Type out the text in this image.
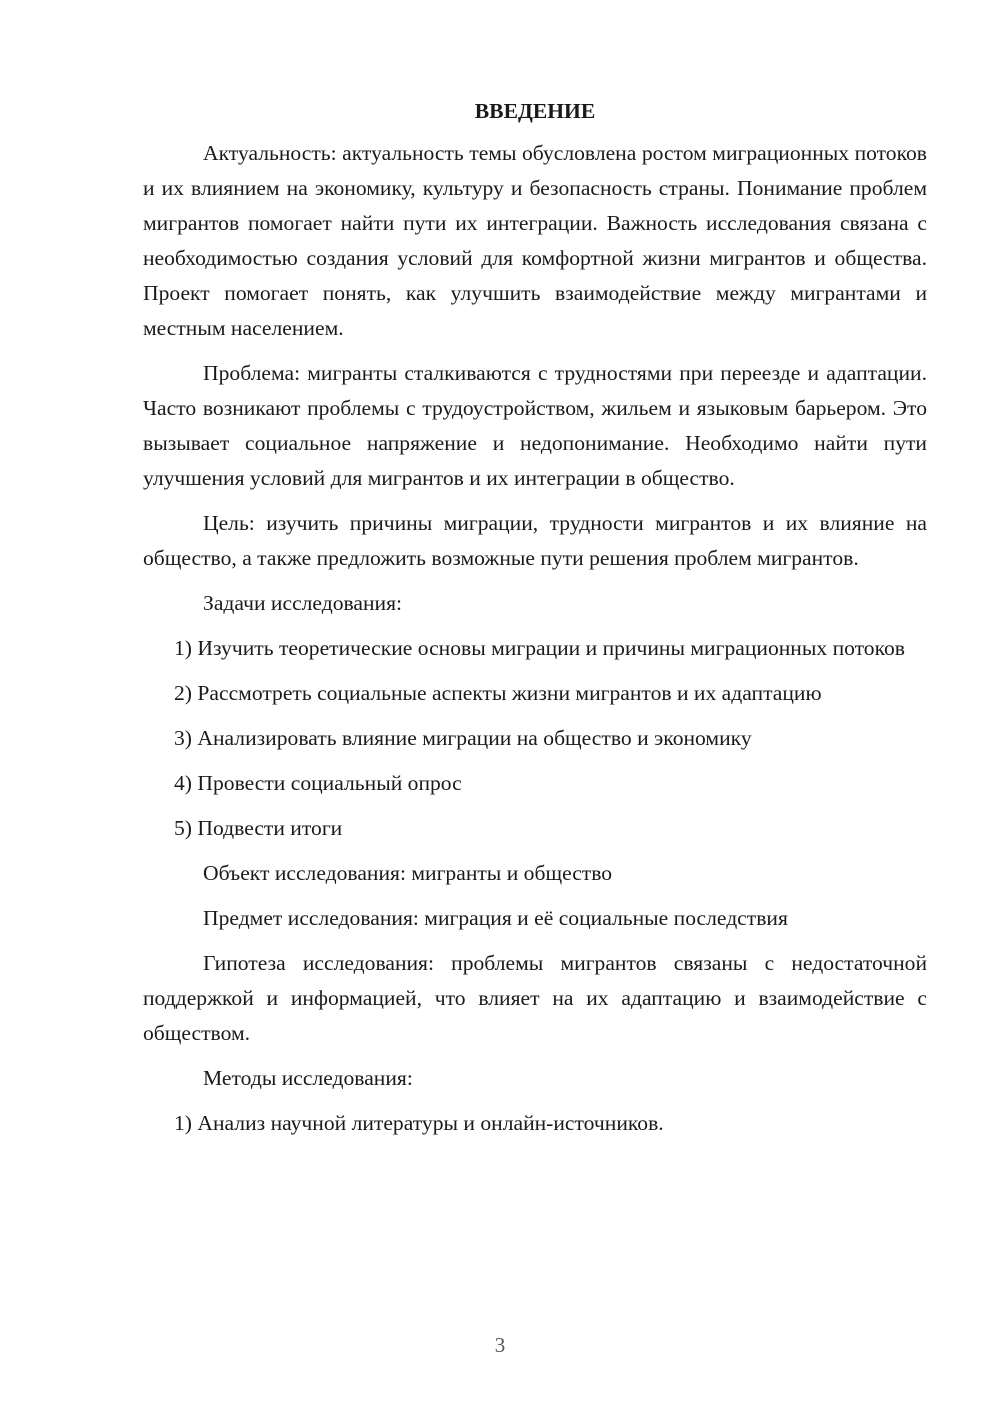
ВВЕДЕНИЕ

Актуальность: актуальность темы обусловлена ростом миграционных потоков и их влиянием на экономику, культуру и безопасность страны. Понимание проблем мигрантов помогает найти пути их интеграции. Важность исследования связана с необходимостью создания условий для комфортной жизни мигрантов и общества. Проект помогает понять, как улучшить взаимодействие между мигрантами и местным населением.

Проблема: мигранты сталкиваются с трудностями при переезде и адаптации. Часто возникают проблемы с трудоустройством, жильем и языковым барьером. Это вызывает социальное напряжение и недопонимание. Необходимо найти пути улучшения условий для мигрантов и их интеграции в общество.

Цель: изучить причины миграции, трудности мигрантов и их влияние на общество, а также предложить возможные пути решения проблем мигрантов.

Задачи исследования:

1) Изучить теоретические основы миграции и причины миграционных потоков

2) Рассмотреть социальные аспекты жизни мигрантов и их адаптацию

3) Анализировать влияние миграции на общество и экономику

4) Провести социальный опрос

5) Подвести итоги

Объект исследования: мигранты и общество

Предмет исследования: миграция и её социальные последствия

Гипотеза исследования: проблемы мигрантов связаны с недостаточной поддержкой и информацией, что влияет на их адаптацию и взаимодействие с обществом.

Методы исследования:

1) Анализ научной литературы и онлайн-источников.

3
